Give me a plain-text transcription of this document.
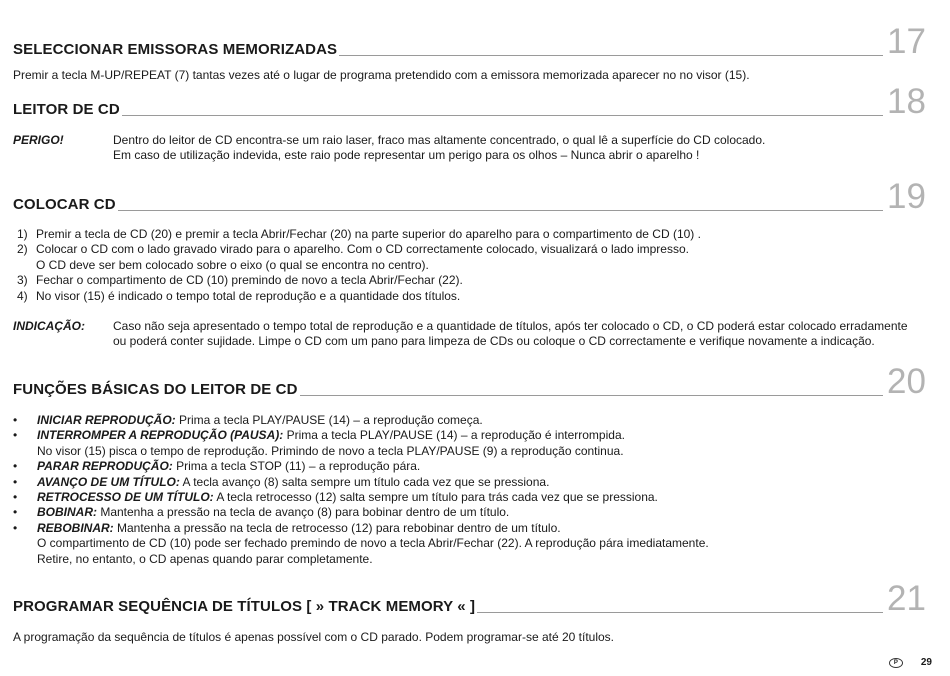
SELECCIONAR EMISSORAS MEMORIZADAS	17
Premir a tecla M-UP/REPEAT (7) tantas vezes até o lugar de programa pretendido com a emissora memorizada aparecer no no visor (15).
LEITOR DE CD	18
PERIGO!	Dentro do leitor de CD encontra-se um raio laser, fraco mas altamente concentrado, o qual lê a superfície do CD colocado.
Em caso de utilização indevida, este raio pode representar um perigo para os olhos – Nunca abrir o aparelho !
COLOCAR CD	19
1) Premir a tecla de CD (20) e premir a tecla Abrir/Fechar (20) na parte superior do aparelho para o compartimento de CD (10) .
2) Colocar o CD com o lado gravado virado para o aparelho. Com o CD correctamente colocado, visualizará o lado impresso.
O CD deve ser bem colocado sobre o eixo (o qual se encontra no centro).
3) Fechar o compartimento de CD (10) premindo de novo a tecla Abrir/Fechar (22).
4) No visor (15) é indicado o tempo total de reprodução e a quantidade dos títulos.
INDICAÇÃO: Caso não seja apresentado o tempo total de reprodução e a quantidade de títulos, após ter colocado o CD, o CD poderá estar colocado erradamente
ou poderá conter sujidade. Limpe o CD com um pano para limpeza de CDs ou coloque o CD correctamente e verifique novamente a indicação.
FUNÇÕES BÁSICAS DO LEITOR DE CD	20
•	INICIAR REPRODUÇÃO: Prima a tecla PLAY/PAUSE (14) – a reprodução começa.
•	INTERROMPER A REPRODUÇÃO (PAUSA): Prima a tecla PLAY/PAUSE (14) – a reprodução é interrompida.
No visor (15) pisca o tempo de reprodução. Primindo de novo a tecla PLAY/PAUSE (9) a reprodução continua.
•	PARAR REPRODUÇÃO: Prima a tecla STOP (11) – a reprodução pára.
•	AVANÇO DE UM TÍTULO: A tecla avanço (8) salta sempre um título cada vez que se pressiona.
•	RETROCESSO DE UM TÍTULO: A tecla retrocesso (12) salta sempre um título para trás cada vez que se pressiona.
•	BOBINAR: Mantenha a pressão na tecla de avanço (8) para bobinar dentro de um título.
•	REBOBINAR: Mantenha a pressão na tecla de retrocesso (12) para rebobinar dentro de um título.
O compartimento de CD (10) pode ser fechado premindo de novo a tecla Abrir/Fechar (22). A reprodução pára imediatamente.
Retire, no entanto, o CD apenas quando parar completamente.
PROGRAMAR SEQUÊNCIA DE TÍTULOS [ » TRACK MEMORY « ]	21
A programação da sequência de títulos é apenas possível com o CD parado. Podem programar-se até 20 títulos.
P	29
